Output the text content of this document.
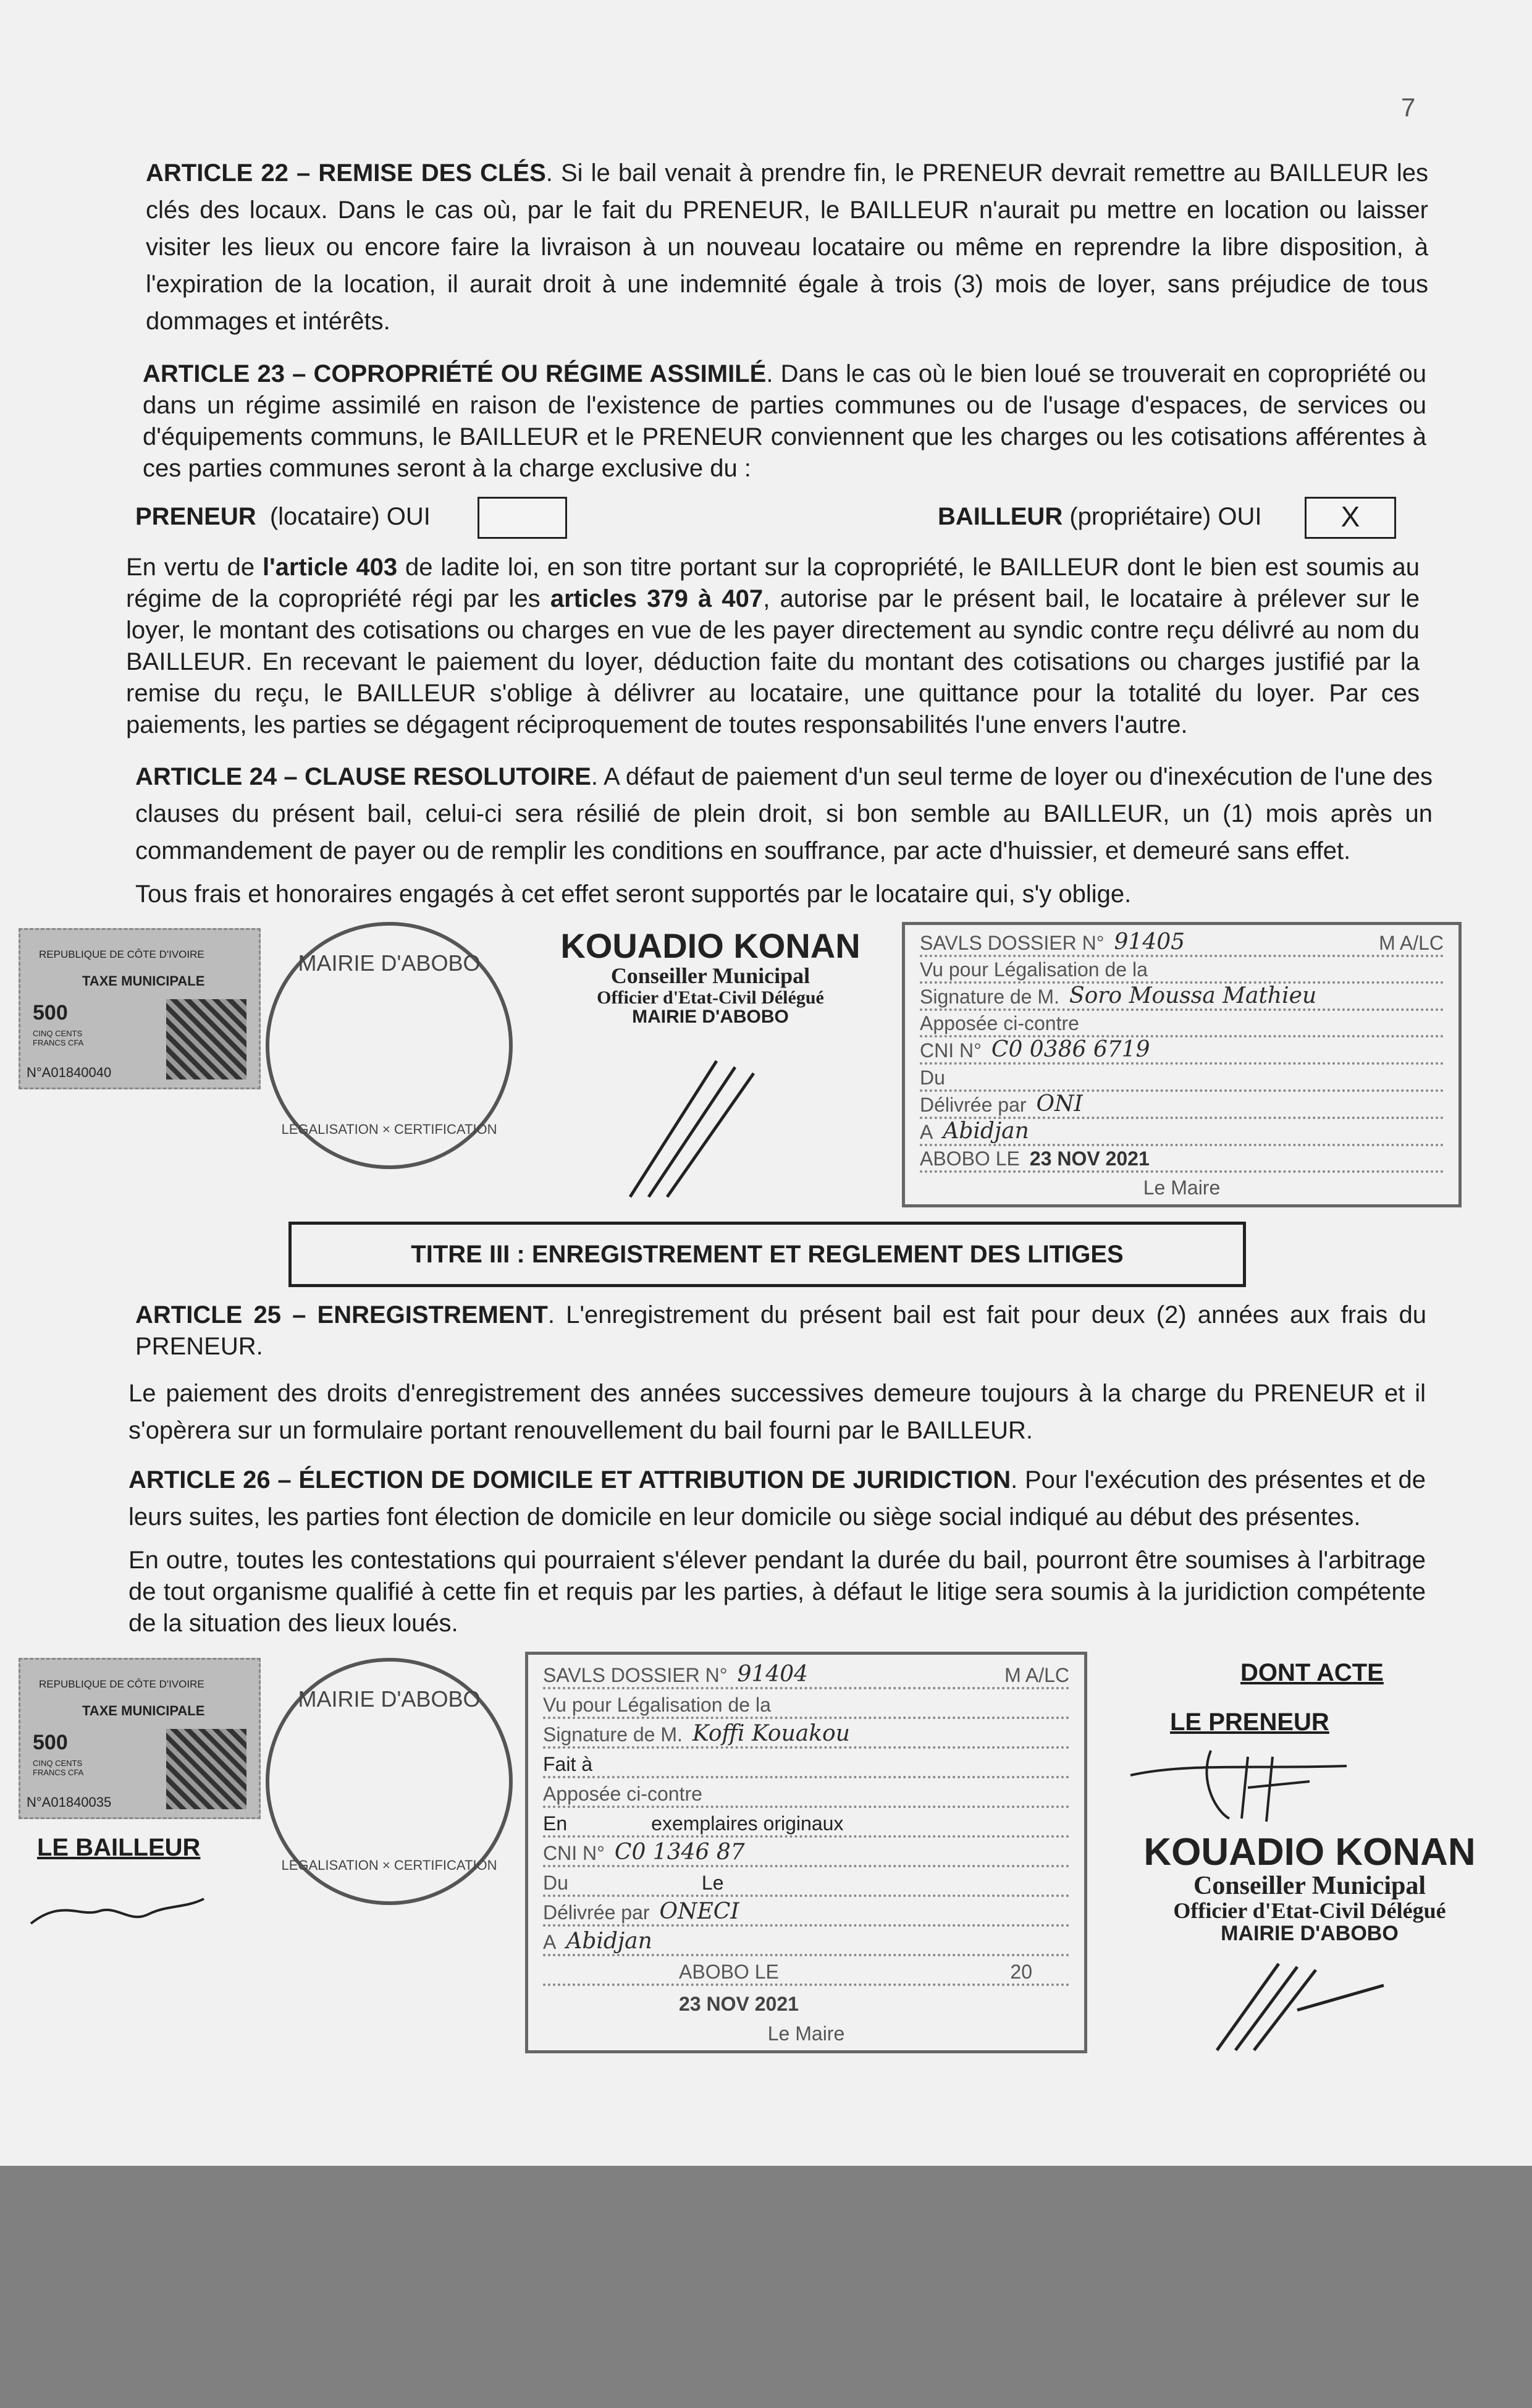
7
ARTICLE 22 – REMISE DES CLÉS. Si le bail venait à prendre fin, le PRENEUR devrait remettre au BAILLEUR les clés des locaux. Dans le cas où, par le fait du PRENEUR, le BAILLEUR n'aurait pu mettre en location ou laisser visiter les lieux ou encore faire la livraison à un nouveau locataire ou même en reprendre la libre disposition, à l'expiration de la location, il aurait droit à une indemnité égale à trois (3) mois de loyer, sans préjudice de tous dommages et intérêts.
ARTICLE 23 – COPROPRIÉTÉ OU RÉGIME ASSIMILÉ. Dans le cas où le bien loué se trouverait en copropriété ou dans un régime assimilé en raison de l'existence de parties communes ou de l'usage d'espaces, de services ou d'équipements communs, le BAILLEUR et le PRENEUR conviennent que les charges ou les cotisations afférentes à ces parties communes seront à la charge exclusive du :
PRENEUR (locataire) OUI	BAILLEUR (propriétaire) OUI	X
En vertu de l'article 403 de ladite loi, en son titre portant sur la copropriété, le BAILLEUR dont le bien est soumis au régime de la copropriété régi par les articles 379 à 407, autorise par le présent bail, le locataire à prélever sur le loyer, le montant des cotisations ou charges en vue de les payer directement au syndic contre reçu délivré au nom du BAILLEUR. En recevant le paiement du loyer, déduction faite du montant des cotisations ou charges justifié par la remise du reçu, le BAILLEUR s'oblige à délivrer au locataire, une quittance pour la totalité du loyer. Par ces paiements, les parties se dégagent réciproquement de toutes responsabilités l'une envers l'autre.
ARTICLE 24 – CLAUSE RESOLUTOIRE. A défaut de paiement d'un seul terme de loyer ou d'inexécution de l'une des clauses du présent bail, celui-ci sera résilié de plein droit, si bon semble au BAILLEUR, un (1) mois après un commandement de payer ou de remplir les conditions en souffrance, par acte d'huissier, et demeuré sans effet.
Tous frais et honoraires engagés à cet effet seront supportés par le locataire qui, s'y oblige.
REPUBLIQUE DE CÔTE D'IVOIRE
TAXE MUNICIPALE
500
CINQ CENTS FRANCS CFA
N°A01840040
MAIRIE D'ABOBO
LÉGALISATION × CERTIFICATION
KOUADIO KONAN
Conseiller Municipal
Officier d'Etat-Civil Délégué
MAIRIE D'ABOBO
SAVLS DOSSIER N° 91405	M A/LC
Vu pour Légalisation de la
Signature de M. Soro Moussa Mathieu
Apposée ci-contre
CNI N° C0 0386 6719
Du
Délivrée par ONI
A Abidjan
ABOBO LE 23 NOV 2021
Le Maire
TITRE III : ENREGISTREMENT ET REGLEMENT DES LITIGES
ARTICLE 25 – ENREGISTREMENT. L'enregistrement du présent bail est fait pour deux (2) années aux frais du PRENEUR.
Le paiement des droits d'enregistrement des années successives demeure toujours à la charge du PRENEUR et il s'opèrera sur un formulaire portant renouvellement du bail fourni par le BAILLEUR.
ARTICLE 26 – ÉLECTION DE DOMICILE ET ATTRIBUTION DE JURIDICTION. Pour l'exécution des présentes et de leurs suites, les parties font élection de domicile en leur domicile ou siège social indiqué au début des présentes.
En outre, toutes les contestations qui pourraient s'élever pendant la durée du bail, pourront être soumises à l'arbitrage de tout organisme qualifié à cette fin et requis par les parties, à défaut le litige sera soumis à la juridiction compétente de la situation des lieux loués.
REPUBLIQUE DE CÔTE D'IVOIRE
TAXE MUNICIPALE
500
CINQ CENTS FRANCS CFA
N°A01840035
LE BAILLEUR
MAIRIE D'ABOBO
LÉGALISATION × CERTIFICATION
SAVLS DOSSIER N° 91404	M A/LC
Vu pour Légalisation de la
Signature de M. Koffi Kouakou
Fait à
Apposée ci-contre
En	exemplaires originaux
CNI N° C0 1346 87
Du	Le
Délivrée par ONECI
A Abidjan
ABOBO LE	20
23 NOV 2021
Le Maire
DONT ACTE
LE PRENEUR
KOUADIO KONAN
Conseiller Municipal
Officier d'Etat-Civil Délégué
MAIRIE D'ABOBO
